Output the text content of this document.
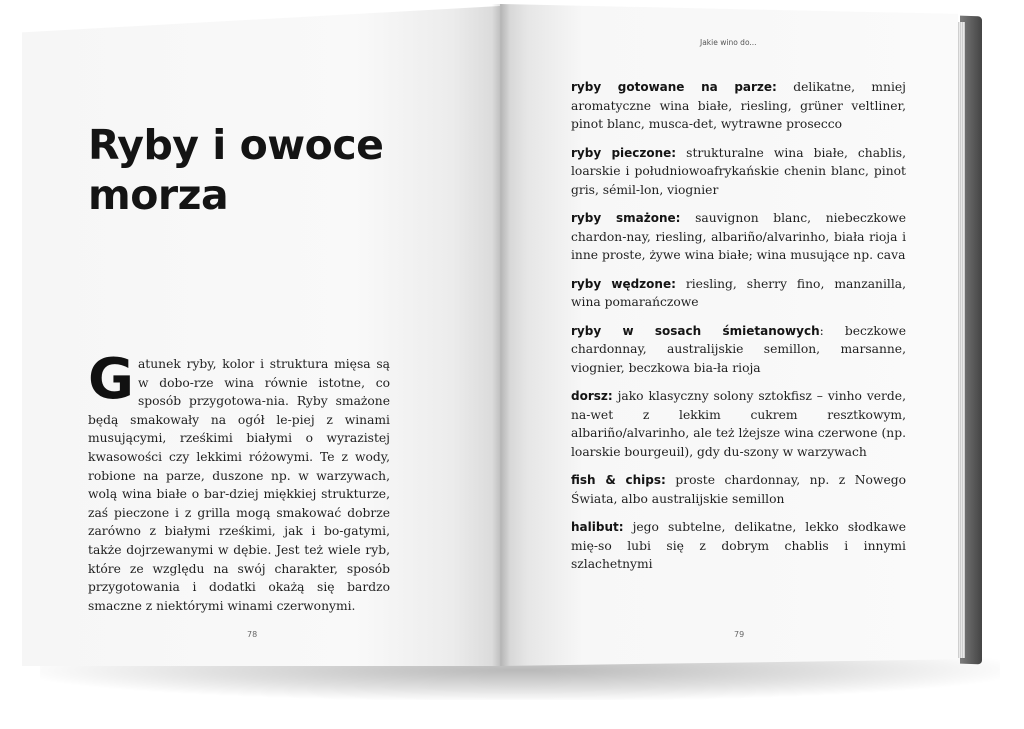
Ryby i owoce morza
Gatunek ryby, kolor i struktura mięsa są w dobo-rze wina równie istotne, co sposób przygotowa-nia. Ryby smażone będą smakowały na ogół le-piej z winami musującymi, rześkimi białymi o wyrazistej kwasowości czy lekkimi różowymi. Te z wody, robione na parze, duszone np. w warzywach, wolą wina białe o bar-dziej miękkiej strukturze, zaś pieczone i z grilla mogą smakować dobrze zarówno z białymi rześkimi, jak i bo-gatymi, także dojrzewanymi w dębie. Jest też wiele ryb, które ze względu na swój charakter, sposób przygotowania i dodatki okażą się bardzo smaczne z niektórymi winami czerwonymi.
78
Jakie wino do...

ryby gotowane na parze: delikatne, mniej aromatyczne wina białe, riesling, grüner veltliner, pinot blanc, musca-det, wytrawne prosecco

ryby pieczone: strukturalne wina białe, chablis, loarskie i południowoafrykańskie chenin blanc, pinot gris, sémil-lon, viognier

ryby smażone: sauvignon blanc, niebeczkowe chardon-nay, riesling, albariño/alvarinho, biała rioja i inne proste, żywe wina białe; wina musujące np. cava

ryby wędzone: riesling, sherry fino, manzanilla, wina pomarańczowe

ryby w sosach śmietanowych: beczkowe chardonnay, australijskie semillon, marsanne, viognier, beczkowa bia-ła rioja

dorsz: jako klasyczny solony sztokfisz – vinho verde, na-wet z lekkim cukrem resztkowym, albariño/alvarinho, ale też lżejsze wina czerwone (np. loarskie bourgeuil), gdy du-szony w warzywach

fish & chips: proste chardonnay, np. z Nowego Świata, albo australijskie semillon

halibut: jego subtelne, delikatne, lekko słodkawe mię-so lubi się z dobrym chablis i innymi szlachetnymi

79
